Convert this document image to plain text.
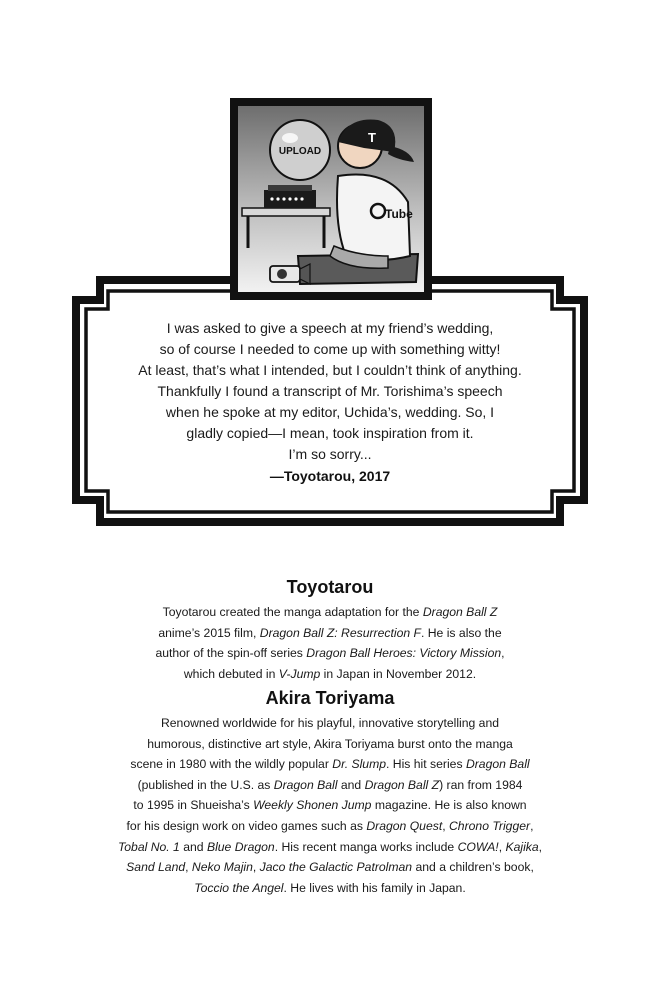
Tube
T
UPLOAD
I was asked to give a speech at my friend’s wedding,
so of course I needed to come up with something witty!
At least, that’s what I intended, but I couldn’t think of anything.
Thankfully I found a transcript of Mr. Torishima’s speech
when he spoke at my editor, Uchida’s, wedding. So, I
gladly copied—I mean, took inspiration from it.
I’m so sorry...
—Toyotarou, 2017
Toyotarou

Toyotarou created the manga adaptation for the Dragon Ball Z
anime’s 2015 film, Dragon Ball Z: Resurrection F. He is also the
author of the spin-off series Dragon Ball Heroes: Victory Mission,
which debuted in V-Jump in Japan in November 2012.

Akira Toriyama

Renowned worldwide for his playful, innovative storytelling and
humorous, distinctive art style, Akira Toriyama burst onto the manga
scene in 1980 with the wildly popular Dr. Slump. His hit series Dragon Ball
(published in the U.S. as Dragon Ball and Dragon Ball Z) ran from 1984
to 1995 in Shueisha’s Weekly Shonen Jump magazine. He is also known
for his design work on video games such as Dragon Quest, Chrono Trigger,
Tobal No. 1 and Blue Dragon. His recent manga works include COWA!, Kajika,
Sand Land, Neko Majin, Jaco the Galactic Patrolman and a children’s book,
Toccio the Angel. He lives with his family in Japan.
